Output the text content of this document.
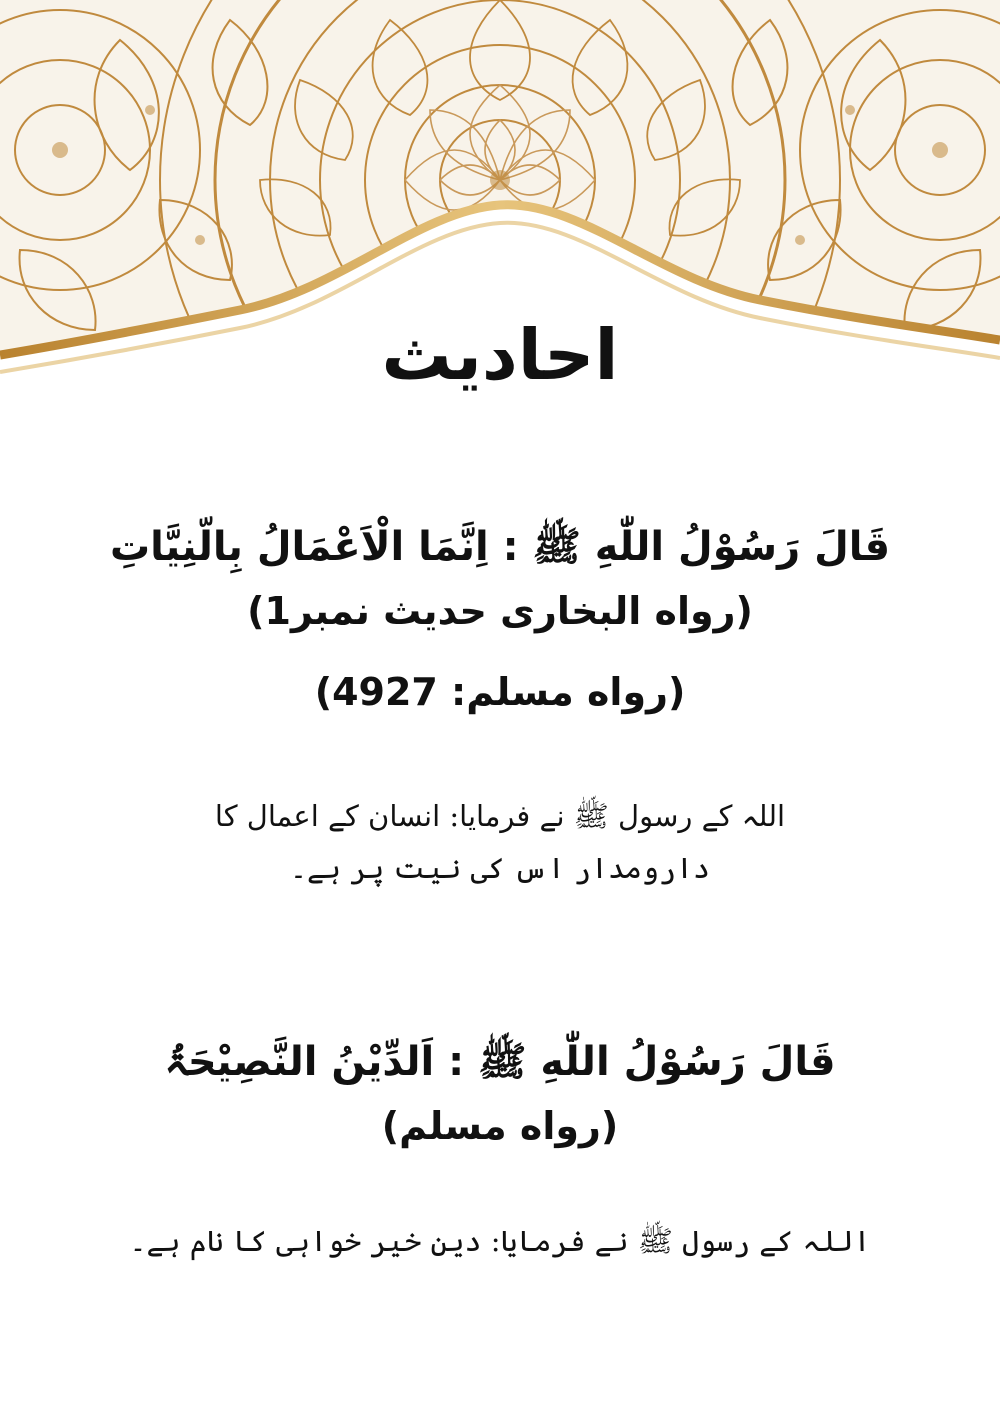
احادیث
قَالَ رَسُوْلُ اللّٰهِ ﷺ : اِنَّمَا الْاَعْمَالُ بِالّنِیَّاتِ
(رواه البخاری حدیث نمبر1)
(رواه مسلم: 4927)
اللہ کے رسول ﷺ نے فرمایا: انسان کے اعمال کا
دارومدار اس کی نیت پر ہے۔
قَالَ رَسُوْلُ اللّٰهِ ﷺ : اَلدِّیْنُ النَّصِیْحَۃُ
(رواه مسلم)
اللہ کے رسول ﷺ نے فرمایا: دین خیر خواہی کا نام ہے۔
